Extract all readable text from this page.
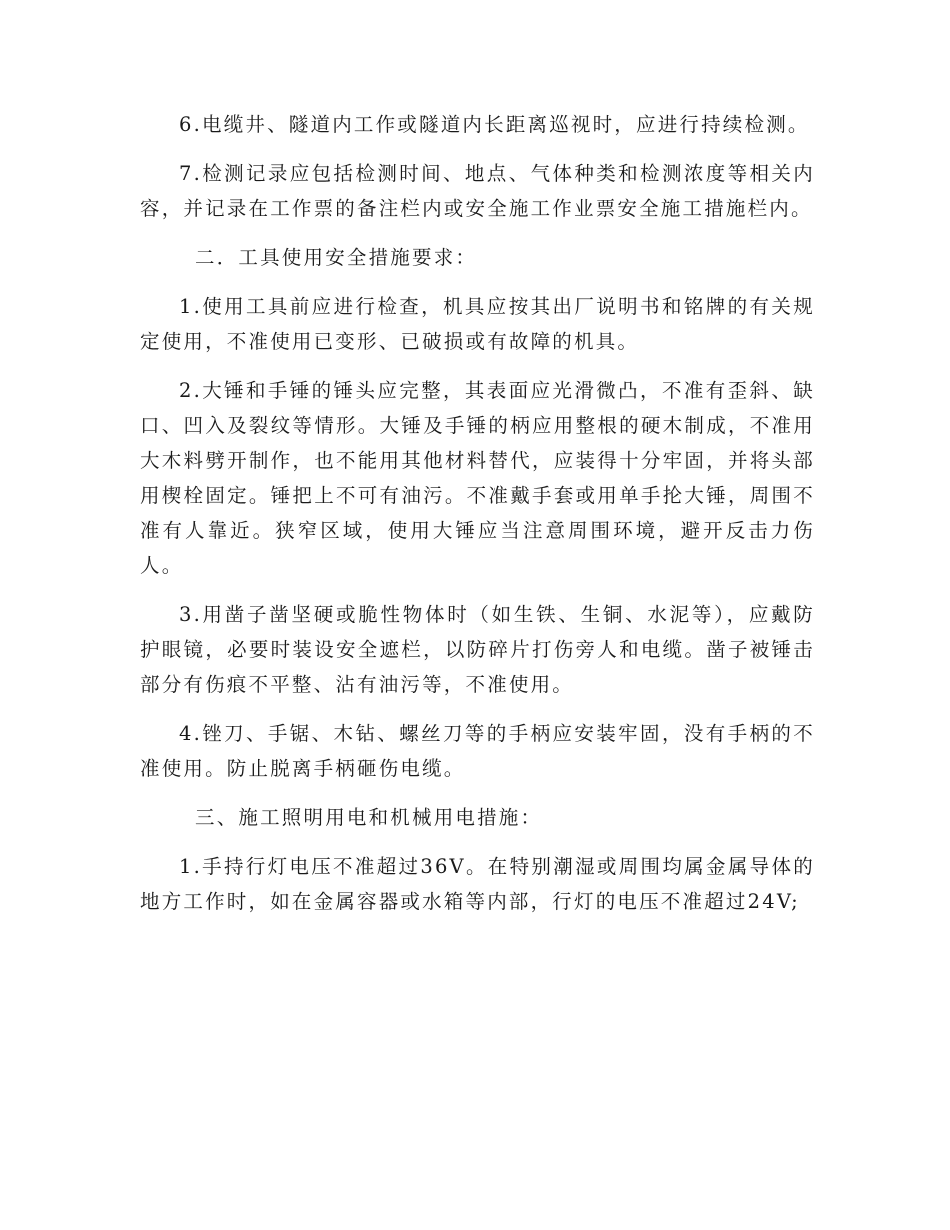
6.电缆井、隧道内工作或隧道内长距离巡视时，应进行持续检测。

7.检测记录应包括检测时间、地点、气体种类和检测浓度等相关内容，并记录在工作票的备注栏内或安全施工作业票安全施工措施栏内。

二．工具使用安全措施要求：

1.使用工具前应进行检查，机具应按其出厂说明书和铭牌的有关规定使用，不准使用已变形、已破损或有故障的机具。

2.大锤和手锤的锤头应完整，其表面应光滑微凸，不准有歪斜、缺口、凹入及裂纹等情形。大锤及手锤的柄应用整根的硬木制成，不准用大木料劈开制作，也不能用其他材料替代，应装得十分牢固，并将头部用楔栓固定。锤把上不可有油污。不准戴手套或用单手抡大锤，周围不准有人靠近。狭窄区域，使用大锤应当注意周围环境，避开反击力伤人。

3.用凿子凿坚硬或脆性物体时（如生铁、生铜、水泥等），应戴防护眼镜，必要时装设安全遮栏，以防碎片打伤旁人和电缆。凿子被锤击部分有伤痕不平整、沾有油污等，不准使用。

4.锉刀、手锯、木钻、螺丝刀等的手柄应安装牢固，没有手柄的不准使用。防止脱离手柄砸伤电缆。

三、施工照明用电和机械用电措施：

1.手持行灯电压不准超过36V。在特别潮湿或周围均属金属导体的地方工作时，如在金属容器或水箱等内部，行灯的电压不准超过24V;
